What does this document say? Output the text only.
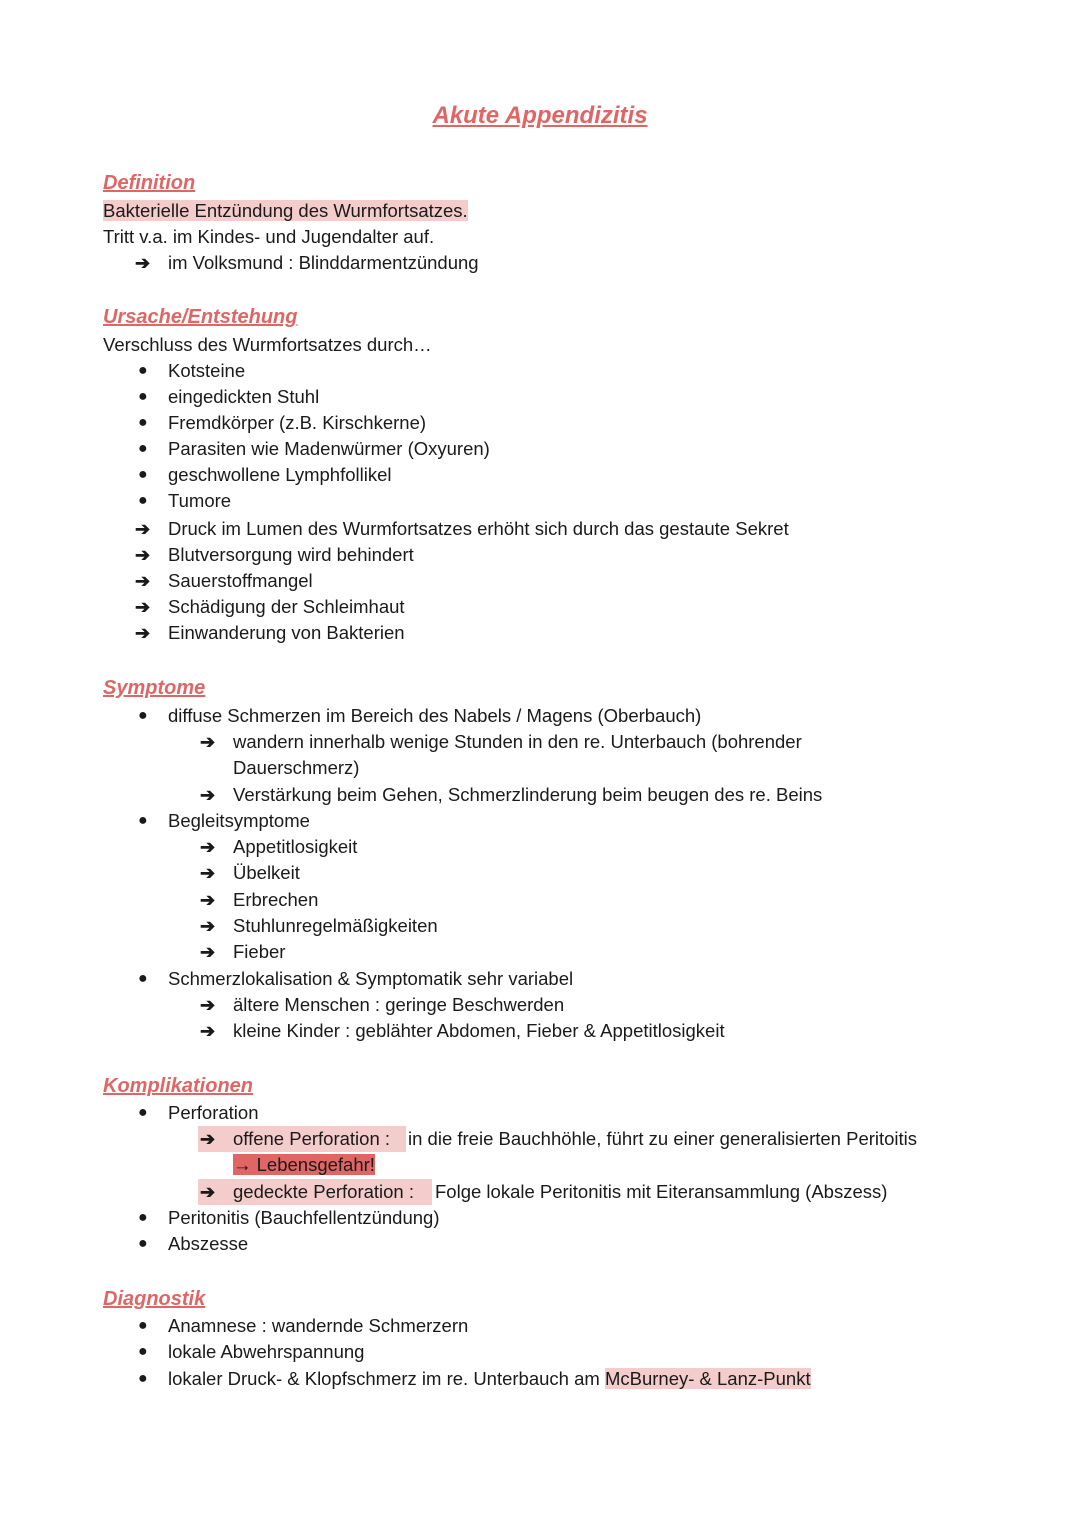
Akute Appendizitis
Definition
Bakterielle Entzündung des Wurmfortsatzes.
Tritt v.a. im Kindes- und Jugendalter auf.
➔ im Volksmund : Blinddarmentzündung
Ursache/Entstehung
Verschluss des Wurmfortsatzes durch…
● Kotsteine
● eingedickten Stuhl
● Fremdkörper (z.B. Kirschkerne)
● Parasiten wie Madenwürmer (Oxyuren)
● geschwollene Lymphfollikel
● Tumore
➔ Druck im Lumen des Wurmfortsatzes erhöht sich durch das gestaute Sekret
➔ Blutversorgung wird behindert
➔ Sauerstoffmangel
➔ Schädigung der Schleimhaut
➔ Einwanderung von Bakterien
Symptome
● diffuse Schmerzen im Bereich des Nabels / Magens (Oberbauch)
➔ wandern innerhalb wenige Stunden in den re. Unterbauch (bohrender
Dauerschmerz)
➔ Verstärkung beim Gehen, Schmerzlinderung beim beugen des re. Beins
● Begleitsymptome
➔ Appetitlosigkeit
➔ Übelkeit
➔ Erbrechen
➔ Stuhlunregelmäßigkeiten
➔ Fieber
● Schmerzlokalisation & Symptomatik sehr variabel
➔ ältere Menschen : geringe Beschwerden
➔ kleine Kinder : geblähter Abdomen, Fieber & Appetitlosigkeit
Komplikationen
● Perforation
➔ offene Perforation : in die freie Bauchhöhle, führt zu einer generalisierten Peritoitis
→ Lebensgefahr!
➔ gedeckte Perforation : Folge lokale Peritonitis mit Eiteransammlung (Abszess)
● Peritonitis (Bauchfellentzündung)
● Abszesse
Diagnostik
● Anamnese : wandernde Schmerzern
● lokale Abwehrspannung
● lokaler Druck- & Klopfschmerz im re. Unterbauch am McBurney- & Lanz-Punkt
